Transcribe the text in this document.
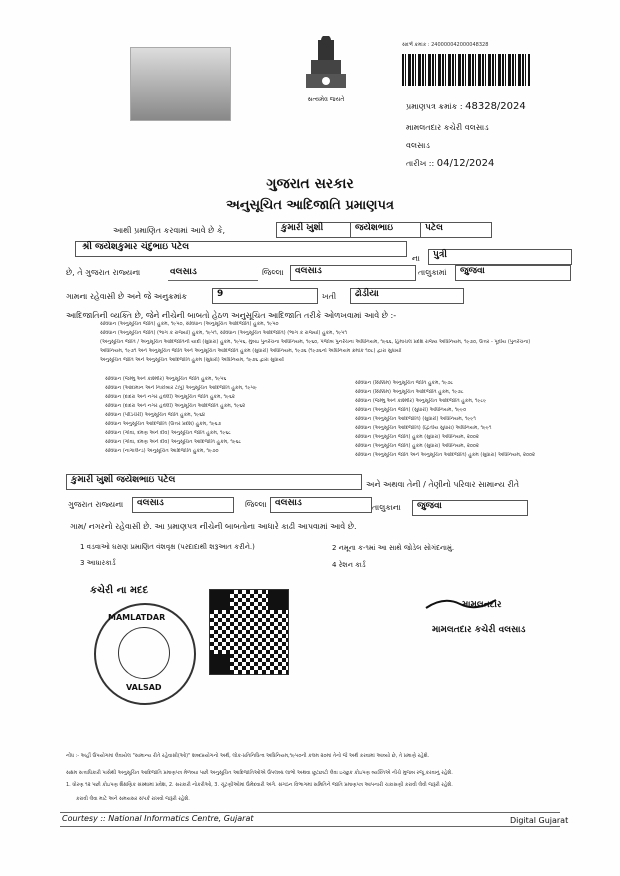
સત્યમેવ જયતે
સંદર્ભ ક્રમાંક : 240000042000048328
પ્રમાણપત્ર ક્રમાંક : 48328/2024
મામલતદાર કચેરી વલસાડ
વલસાડ
તારીખ :: 04/12/2024
ગુજરાત સરકાર
અનુસૂચિત આદિજાતિ પ્રમાણપત્ર
આથી પ્રમાણિત કરવામાં આવે છે કે,	કુમારી ખુશી	જયેશભાઇ	પટેલ
શ્રી જયેશકુમાર ચંદુભાઇ પટેલ
ના	પુત્રી
છે, તે ગુજરાત રાજ્યના	વલસાડ	જિલ્લા	વલસાડ	તાલુકામાં	જુજવા
ગામના રહેવાસી છે અને જે અનુક્રમાંક	9	ખતી	ઢોડીયા
આદિજાતિની વ્યક્તિ છે, જેને નીચેની બાબતો હેઠળ અનુસૂચિત આદિજાતિ તરીકે ઓળખવામાં આવે છે :-
સંવિધાન (અનુસૂચિત જાતિ) હુકમ, ૧૯૫૦, સંવિધાન (અનુસૂચિત આદિજાતિ) હુકમ, ૧૯૫૦
સંવિધાન (અનુસૂચિત જાતિ) (ભાગ ક રાજ્યો) હુકમ, ૧૯૫૧, સંવિધાન (અનુસૂચિત આદિજાતિ) (ભાગ ક રાજ્યો) હુકમ, ૧૯૫૧
(અનુસૂચિત જાતિ / અનુસૂચિત આદિજાતિની યાદી (સુધારા) હુકમ, ૧૯૫૬, મુંબઇ પુનર્રચના અધિનિયમ, ૧૯૬૦, પંજાબ પુનર્રચના અધિનિયમ, ૧૯૬૬, હિમાચલ પ્રદેશ રાજ્ય અધિનિયમ, ૧૯૭૦, ઉત્તર - પૂર્વીય (પુનર્રચના)
અધિનિયમ, ૧૯૭૧ અને અનુસૂચિત જાતિ અને અનુસૂચિત આદિજાતિ હુકમ (સુધારો) અધિનિયમ, ૧૯૭૬ (૧૯૭૬નો અધિનિયમ ક્રમાંક ૧૦૮) દ્વારા સુધાર્યા
અનુસૂચિત જાતિ અને અનુસૂચિત આદિજાતિ હુકમ (સુધારો) અધિનિયમ, ૧૯૭૬ દ્વારા સુધાર્યા
સંવિધાન (જમ્મુ અને કાશ્મીર) અનુસૂચિત જાતિ હુકમ, ૧૯૫૬
સંવિધાન (આંદામાન અને નિકોબાર ટાપુ) અનુસૂચિત આદિજાતિ હુકમ, ૧૯૫૯
સંવિધાન (દાદરા અને નગર હવેલી) અનુસૂચિત જાતિ હુકમ, ૧૯૬૨
સંવિધાન (દાદરા અને નગર હવેલી) અનુસૂચિત આદિજાતિ હુકમ, ૧૯૬૨
સંવિધાન (પોંડિચેરી) અનુસૂચિત જાતિ હુકમ, ૧૯૬૪
સંવિધાન અનુસૂચિત આદિજાતિ (ઉત્તર પ્રદેશ) હુકમ, ૧૯૬૭
સંવિધાન (ગોવા, દમણ અને દીવ) અનુસૂચિત જાતિ હુકમ, ૧૯૬૮
સંવિધાન (ગોવા, દમણ અને દીવ) અનુસૂચિત આદિજાતિ હુકમ, ૧૯૬૮
સંવિધાન (નાગાલેન્ડ) અનુસૂચિત આદિજાતિ હુકમ, ૧૯૭૦
સંવિધાન (સિક્કિમ) અનુસૂચિત જાતિ હુકમ, ૧૯૭૮
સંવિધાન (સિક્કિમ) અનુસૂચિત આદિજાતિ હુકમ, ૧૯૭૮
સંવિધાન (જમ્મુ અને કાશ્મીર) અનુસૂચિત આદિજાતિ હુકમ, ૧૯૮૯
સંવિધાન (અનુસૂચિત જાતિ) (સુધારો) અધિનિયમ, ૧૯૯૦
સંવિધાન (અનુસૂચિત આદિજાતિ) (સુધારો) અધિનિયમ, ૧૯૯૧
સંવિધાન (અનુસૂચિત આદિજાતિ) (દ્વિતીય સુધારા) અધિનિયમ, ૧૯૯૧
સંવિધાન (અનુસૂચિત જાતિ) હુકમ (સુધારા) અધિનિયમ, ૨૦૦૨
સંવિધાન (અનુસૂચિત જાતિ) હુકમ (સુધારા) અધિનિયમ, ૨૦૦૨
સંવિધાન (અનુસૂચિત જાતિ અને અનુસૂચિત આદિજાતિ) હુકમ (સુધારા) અધિનિયમ, ૨૦૦૨
કુમારી ખુશી જયેશભાઇ પટેલ	અને અથવા તેની / તેણીનો પરિવાર સામાન્ય રીતે
ગુજરાત રાજ્યના	વલસાડ	જિલ્લા વલસાડ	તાલુકાના	જુજવા
ગામ/ નગરનો રહેવાસી છે. આ પ્રમાણપત્ર નીચેની બાબતોના આધારે કાઢી આપવામાં આવે છે.
1 વડવાઓ ઘરાણ પ્રમાણિત વંશવૃક્ષ (પરદાદાથી શરૂઆત કરીને.)	2 નમૂના ક-૧માં આ સાથે જોડેલ સોગંદનામું.
3 આધારકાર્ડ	4 રેશન કાર્ડ
કચેરી ના મદદ
MAMLATDAR
VALSAD
મામલતદાર
મામલતદાર કચેરી વલસાડ
નોંધ :- અહીં ઉપયોગમાં લેવાયેલ "સામાન્ય રીતે રહેવાસી(ઓ)" શબ્દપ્રયોગનો અર્થ, લોક-પ્રતિનિધિત્વ અધિનિયમ,૧૯૫૦ની કલમ ૨૦માં તેનો જે અર્થ કરવામાં આવ્યો છે, તે પ્રમાણે રહેશે.
સક્ષમ સત્તાધિકારી પાસેથી અનુસૂચિત આદિજાતિ પ્રમાણપત્ર મેળવ્યા પછી અનુસૂચિત આદિજાતિઓએ ઉપલબ્ધ લાભો અથવા છૂટછાટો લેવા ઇચ્છુક કોઇપણ વ્યક્તિએ નીચે મુજબ રજૂ કરવાનું રહેશે.
1. ધોરણ ૧૨ પછી કોઇપણ શૈક્ષણિક સંસ્થામાં પ્રવેશ, 2. સરકારી નોકરીઓ, 3. ચૂંટણીઓમાં ઉમેદવારી અંગે. સંગઠન વિભાગમાં સમિતિને જાતિ પ્રમાણપત્ર આપનારી ચકાસણી કરાવી લેવી જરૂરી રહેશે.
કરાવી લેવા માટે અને સમયસર સંપર્ક રાખવો જરૂરી રહેશે.
Courtesy :: National Informatics Centre, Gujarat	Digital Gujarat
